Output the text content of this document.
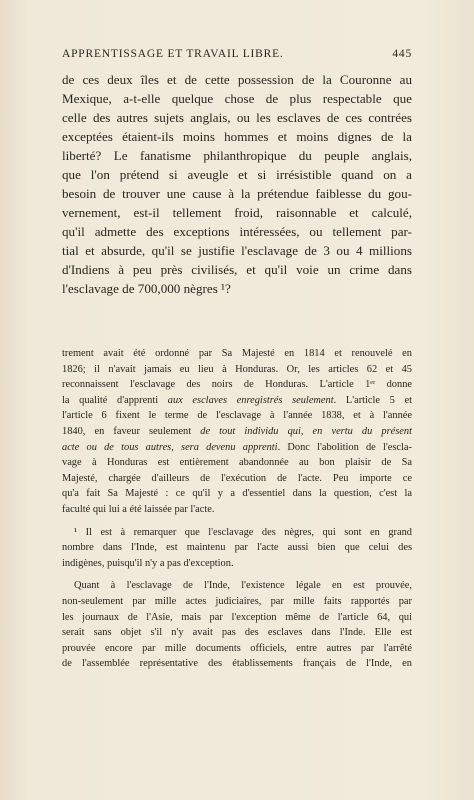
APPRENTISSAGE ET TRAVAIL LIBRE.	445
de ces deux îles et de cette possession de la Couronne au
Mexique, a-t-elle quelque chose de plus respectable que
celle des autres sujets anglais, ou les esclaves de ces contrées
exceptées étaient-ils moins hommes et moins dignes de la
liberté? Le fanatisme philanthropique du peuple anglais,
que l'on prétend si aveugle et si irrésistible quand on a
besoin de trouver une cause à la prétendue faiblesse du gou-
vernement, est-il tellement froid, raisonnable et calculé,
qu'il admette des exceptions intéressées, ou tellement par-
tial et absurde, qu'il se justifie l'esclavage de 3 ou 4 millions
d'Indiens à peu près civilisés, et qu'il voie un crime dans
l'esclavage de 700,000 nègres ¹?
trement avait été ordonné par Sa Majesté en 1814 et renouvelé en
1826; il n'avait jamais eu lieu à Honduras. Or, les articles 62 et 45
reconnaissent l'esclavage des noirs de Honduras. L'article 1ᵉʳ donne
la qualité d'apprenti aux esclaves enregistrés seulement. L'article 5 et
l'article 6 fixent le terme de l'esclavage à l'année 1838, et à l'année
1840, en faveur seulement de tout individu qui, en vertu du présent
acte ou de tous autres, sera devenu apprenti. Donc l'abolition de l'escla-
vage à Honduras est entièrement abandonnée au bon plaisir de Sa
Majesté, chargée d'ailleurs de l'exécution de l'acte. Peu importe ce
qu'a fait Sa Majesté : ce qu'il y a d'essentiel dans la question, c'est la
faculté qui lui a été laissée par l'acte.
¹ Il est à remarquer que l'esclavage des nègres, qui sont en grand
nombre dans l'Inde, est maintenu par l'acte aussi bien que celui des
indigènes, puisqu'il n'y a pas d'exception.
Quant à l'esclavage de l'Inde, l'existence légale en est prouvée,
non-seulement par mille actes judiciaires, par mille faits rapportés par
les journaux de l'Asie, mais par l'exception même de l'article 64, qui
serait sans objet s'il n'y avait pas des esclaves dans l'Inde. Elle est
prouvée encore par mille documents officiels, entre autres par l'arrêté
de l'assemblée représentative des établissements français de l'Inde, en
